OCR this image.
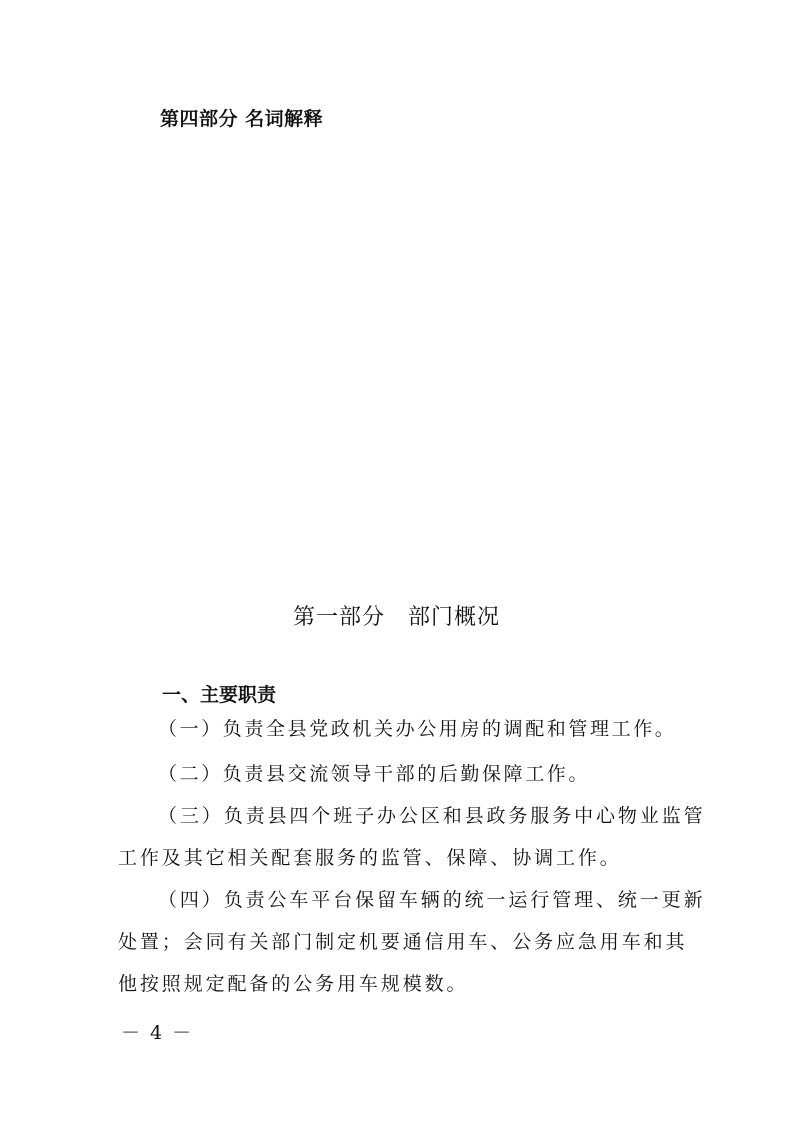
第四部分 名词解释
第一部分　部门概况
一、主要职责
（一）负责全县党政机关办公用房的调配和管理工作。
（二）负责县交流领导干部的后勤保障工作。
（三）负责县四个班子办公区和县政务服务中心物业监管
工作及其它相关配套服务的监管、保障、协调工作。
（四）负责公车平台保留车辆的统一运行管理、统一更新
处置；会同有关部门制定机要通信用车、公务应急用车和其
他按照规定配备的公务用车规模数。
－ 4 －
